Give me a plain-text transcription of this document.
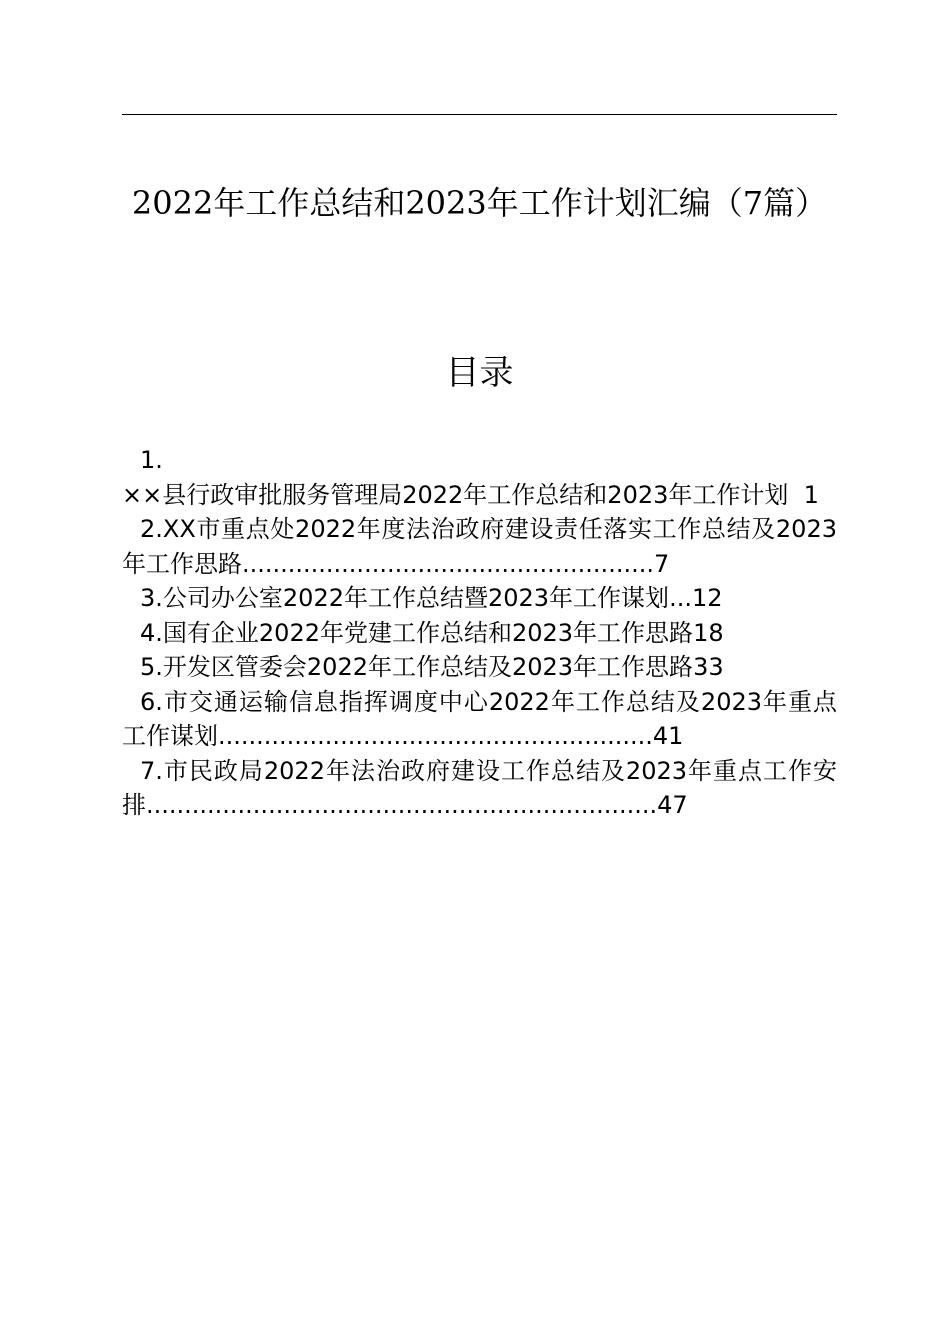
2022年工作总结和2023年工作计划汇编（7篇）
目录
1.
××县行政审批服务管理局2022年工作总结和2023年工作计划 1
2.XX市重点处2022年度法治政府建设责任落实工作总结及2023年工作思路......................................................7
3.公司办公室2022年工作总结暨2023年工作谋划...12
4.国有企业2022年党建工作总结和2023年工作思路18
5.开发区管委会2022年工作总结及2023年工作思路33
6.市交通运输信息指挥调度中心2022年工作总结及2023年重点工作谋划.........................................................41
7.市民政局2022年法治政府建设工作总结及2023年重点工作安排...................................................................47
